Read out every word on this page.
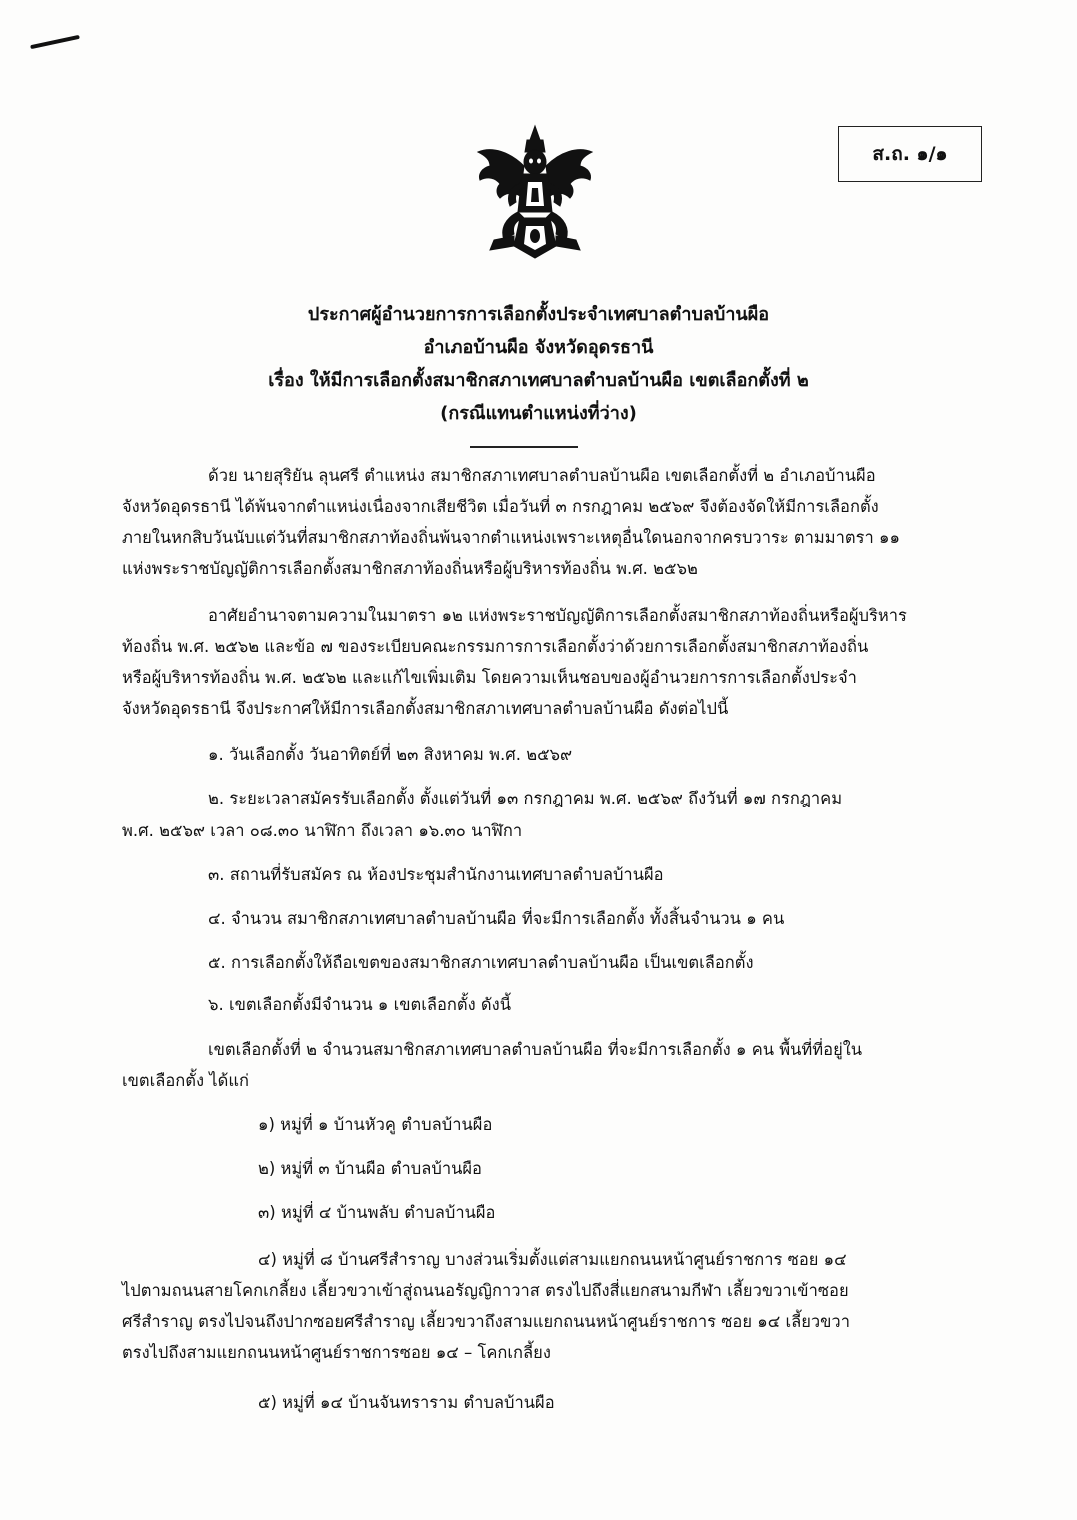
ส.ถ. ๑/๑
ประกาศผู้อำนวยการการเลือกตั้งประจำเทศบาลตำบลบ้านผือ
อำเภอบ้านผือ จังหวัดอุดรธานี
เรื่อง ให้มีการเลือกตั้งสมาชิกสภาเทศบาลตำบลบ้านผือ เขตเลือกตั้งที่ ๒
(กรณีแทนตำแหน่งที่ว่าง)
ด้วย นายสุริยัน ลุนศรี ตำแหน่ง สมาชิกสภาเทศบาลตำบลบ้านผือ เขตเลือกตั้งที่ ๒ อำเภอบ้านผือ
จังหวัดอุดรธานี ได้พ้นจากตำแหน่งเนื่องจากเสียชีวิต เมื่อวันที่ ๓ กรกฎาคม ๒๕๖๙ จึงต้องจัดให้มีการเลือกตั้ง
ภายในหกสิบวันนับแต่วันที่สมาชิกสภาท้องถิ่นพ้นจากตำแหน่งเพราะเหตุอื่นใดนอกจากครบวาระ ตามมาตรา ๑๑
แห่งพระราชบัญญัติการเลือกตั้งสมาชิกสภาท้องถิ่นหรือผู้บริหารท้องถิ่น พ.ศ. ๒๕๖๒
อาศัยอำนาจตามความในมาตรา ๑๒ แห่งพระราชบัญญัติการเลือกตั้งสมาชิกสภาท้องถิ่นหรือผู้บริหาร
ท้องถิ่น พ.ศ. ๒๕๖๒ และข้อ ๗ ของระเบียบคณะกรรมการการเลือกตั้งว่าด้วยการเลือกตั้งสมาชิกสภาท้องถิ่น
หรือผู้บริหารท้องถิ่น พ.ศ. ๒๕๖๒ และแก้ไขเพิ่มเติม โดยความเห็นชอบของผู้อำนวยการการเลือกตั้งประจำ
จังหวัดอุดรธานี จึงประกาศให้มีการเลือกตั้งสมาชิกสภาเทศบาลตำบลบ้านผือ ดังต่อไปนี้
๑. วันเลือกตั้ง วันอาทิตย์ที่ ๒๓ สิงหาคม พ.ศ. ๒๕๖๙
๒. ระยะเวลาสมัครรับเลือกตั้ง ตั้งแต่วันที่ ๑๓ กรกฎาคม พ.ศ. ๒๕๖๙ ถึงวันที่ ๑๗ กรกฎาคม
พ.ศ. ๒๕๖๙ เวลา ๐๘.๓๐ นาฬิกา ถึงเวลา ๑๖.๓๐ นาฬิกา
๓. สถานที่รับสมัคร ณ ห้องประชุมสำนักงานเทศบาลตำบลบ้านผือ
๔. จำนวน สมาชิกสภาเทศบาลตำบลบ้านผือ ที่จะมีการเลือกตั้ง ทั้งสิ้นจำนวน ๑ คน
๕. การเลือกตั้งให้ถือเขตของสมาชิกสภาเทศบาลตำบลบ้านผือ เป็นเขตเลือกตั้ง
๖. เขตเลือกตั้งมีจำนวน ๑ เขตเลือกตั้ง ดังนี้
เขตเลือกตั้งที่ ๒ จำนวนสมาชิกสภาเทศบาลตำบลบ้านผือ ที่จะมีการเลือกตั้ง ๑ คน พื้นที่ที่อยู่ใน
เขตเลือกตั้ง ได้แก่
๑) หมู่ที่ ๑ บ้านหัวคู ตำบลบ้านผือ
๒) หมู่ที่ ๓ บ้านผือ ตำบลบ้านผือ
๓) หมู่ที่ ๔ บ้านพลับ ตำบลบ้านผือ
๔) หมู่ที่ ๘ บ้านศรีสำราญ บางส่วนเริ่มตั้งแต่สามแยกถนนหน้าศูนย์ราชการ ซอย ๑๔
ไปตามถนนสายโคกเกลี้ยง เลี้ยวขวาเข้าสู่ถนนอรัญญิกาวาส ตรงไปถึงสี่แยกสนามกีฬา เลี้ยวขวาเข้าซอย
ศรีสำราญ ตรงไปจนถึงปากซอยศรีสำราญ เลี้ยวขวาถึงสามแยกถนนหน้าศูนย์ราชการ ซอย ๑๔ เลี้ยวขวา
ตรงไปถึงสามแยกถนนหน้าศูนย์ราชการซอย ๑๔ – โคกเกลี้ยง
๕) หมู่ที่ ๑๔ บ้านจันทราราม ตำบลบ้านผือ
